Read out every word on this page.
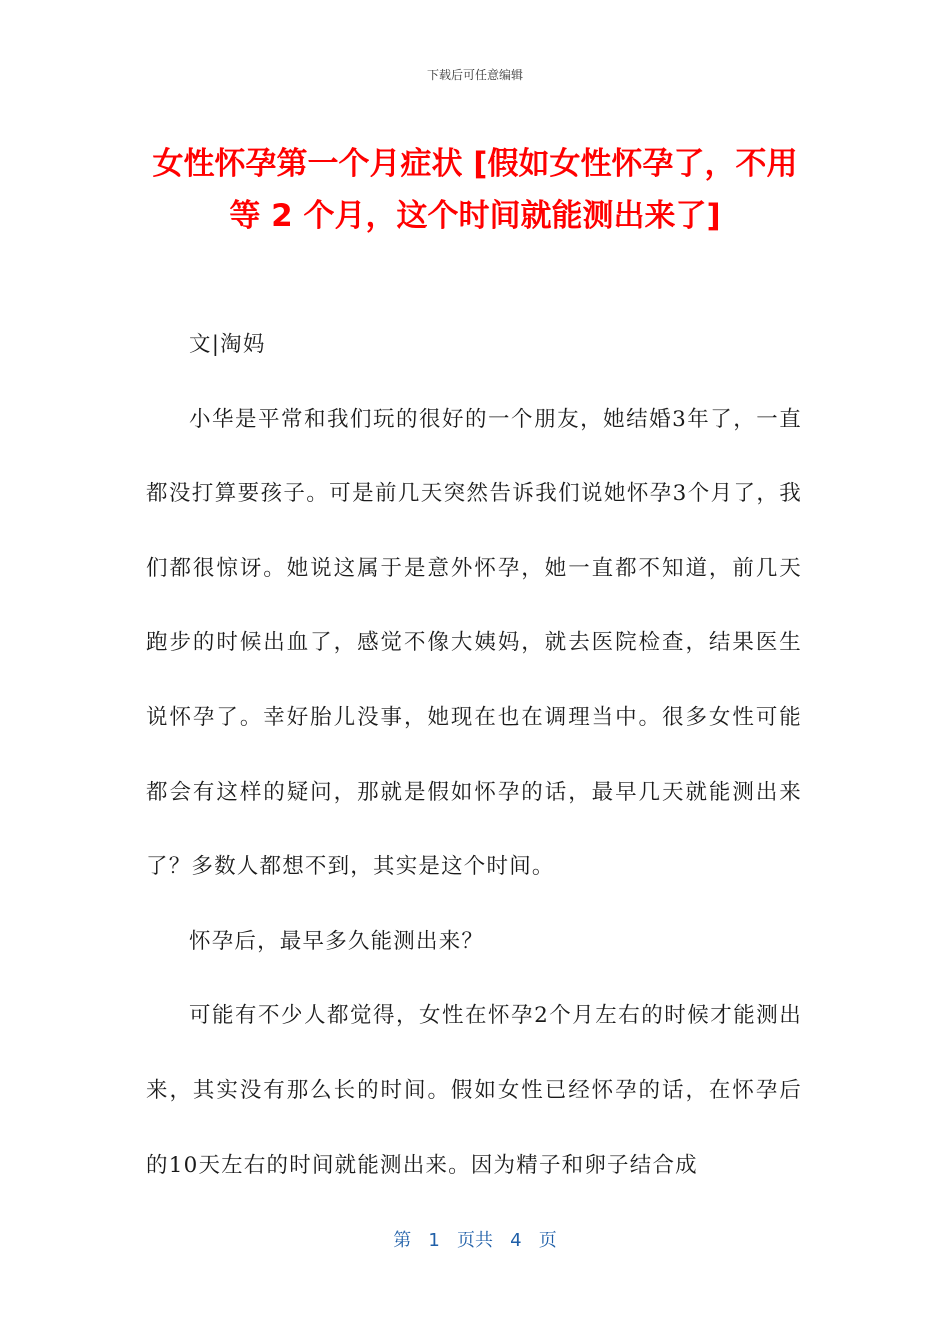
下载后可任意编辑
女性怀孕第一个月症状 [假如女性怀孕了，不用等 2 个月，这个时间就能测出来了]

文|淘妈

小华是平常和我们玩的很好的一个朋友，她结婚3年了，一直都没打算要孩子。可是前几天突然告诉我们说她怀孕3个月了，我们都很惊讶。她说这属于是意外怀孕，她一直都不知道，前几天跑步的时候出血了，感觉不像大姨妈，就去医院检查，结果医生说怀孕了。幸好胎儿没事，她现在也在调理当中。很多女性可能都会有这样的疑问，那就是假如怀孕的话，最早几天就能测出来了？多数人都想不到，其实是这个时间。

怀孕后，最早多久能测出来？

可能有不少人都觉得，女性在怀孕2个月左右的时候才能测出来，其实没有那么长的时间。假如女性已经怀孕的话，在怀孕后的10天左右的时间就能测出来。因为精子和卵子结合成

第 1 页共 4 页
